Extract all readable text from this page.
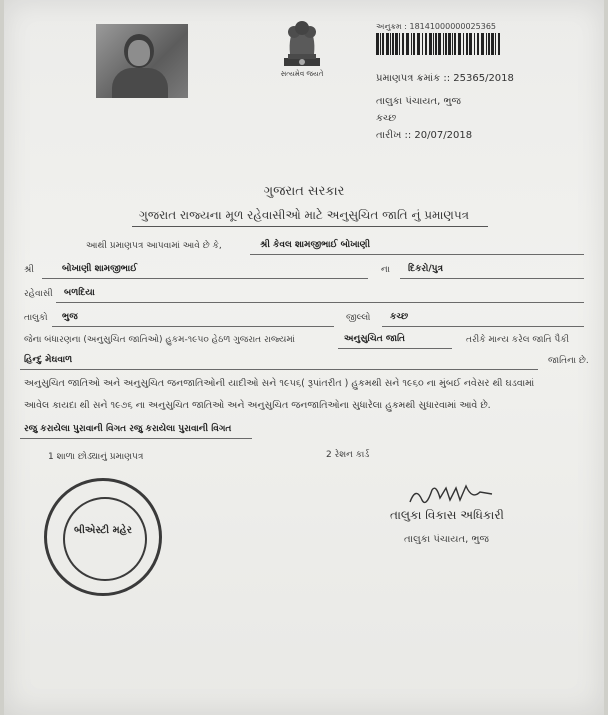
સત્યમેવ જયતે
અનુક્રમ : 18141000000025365
પ્રમાણપત્ર ક્રમાંક :: 25365/2018
તાલુકા પંચાયત, ભુજ
કચ્છ
તારીખ :: 20/07/2018
ગુજરાત સરકાર
ગુજરાત રાજ્યના મૂળ રહેવાસીઓ માટે અનુસુચિત જાતિ નું પ્રમાણપત્ર
આથી પ્રમાણપત્ર આપવામાં આવે છે કે,	શ્રી કેવલ શામજીભાઈ બોખાણી
શ્રી	બોખાણી શામજીભાઈ	ના દિકરો/પુત્ર
રહેવાસી બળદિયા
તાલુકો ભુજ	જીલ્લો કચ્છ
જેના બંધારણના (અનુસુચિત જાતિઓ) હુકમ-૧૯૫૦ હેઠળ ગુજરાત રાજ્યમાં	અનુસુચિત જાતિ	તરીકે માન્ય કરેલ જાતિ પૈકી
હિન્દુ મેઘવાળ	જાતિના છે.
અનુસુચિત જાતિઓ અને અનુસુચિત જનજાતિઓની યાદીઓ સને ૧૯૫૬( રૂપાંતરીત ) હુકમથી સને ૧૯૬૦ ના મુંબઈ નવેસર થી ઘડવામાં
આવેલ કાયદા થી સને ૧૯૭૬ ના અનુસુચિત જાતિઓ અને અનુસુચિત જનજાતિઓના સુધારેલા હુકમથી સુધારવામાં આવે છે.
રજુ કરાયેલા પુરાવાની વિગત રજુ કરાયેલા પુરાવાની વિગત
1 શાળા છોડ્યાનું પ્રમાણપત્ર	2 રેશન કાર્ડ
બીએસ્ટી મહેર
તાલુકા વિકાસ અધિકારી
તાલુકા પંચાયત, ભુજ
